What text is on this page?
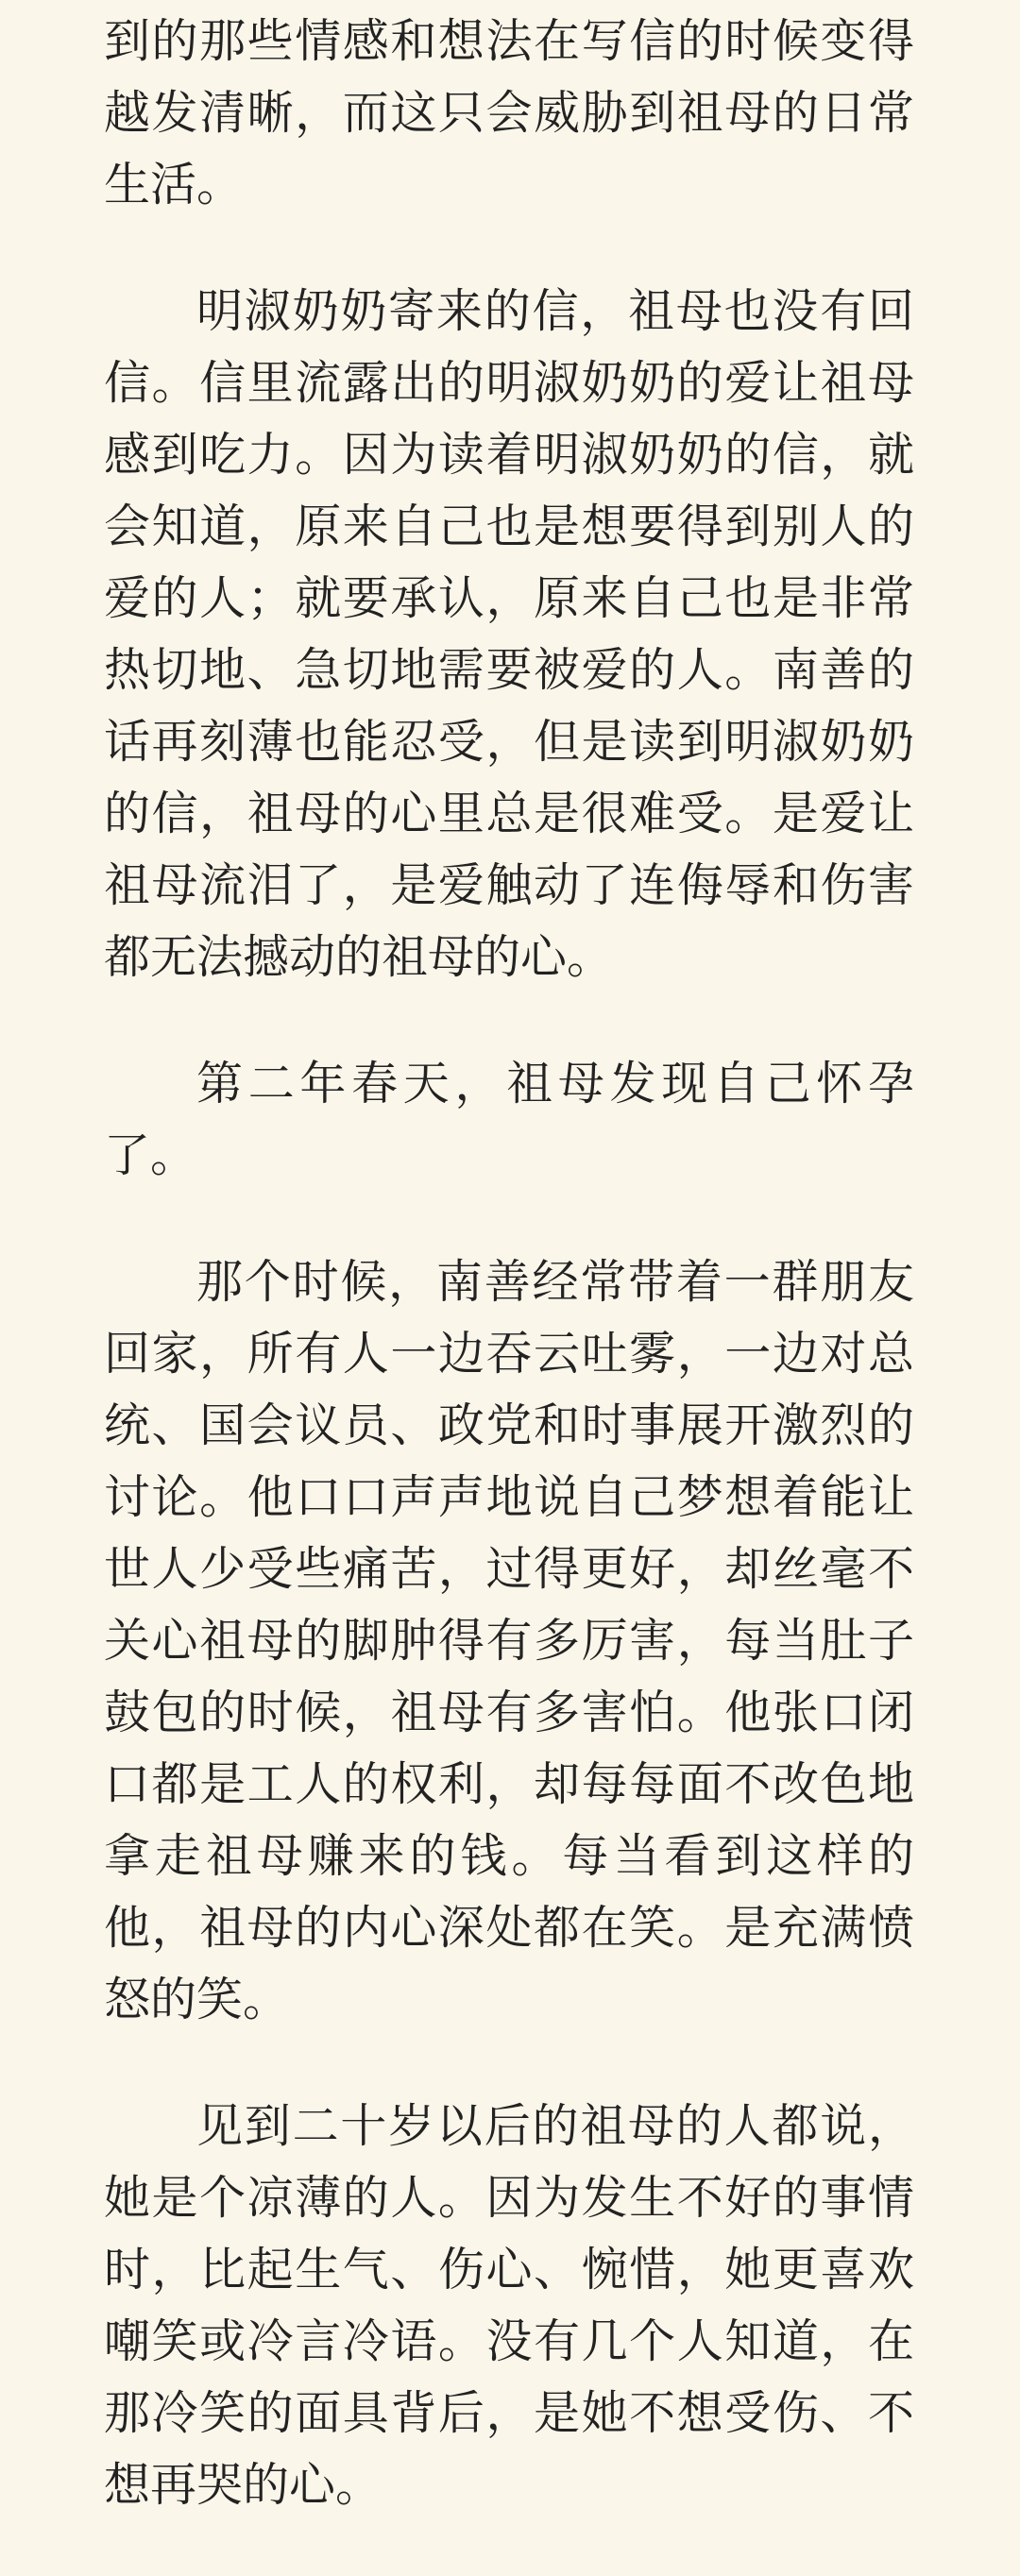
到的那些情感和想法在写信的时候变得越发清晰，而这只会威胁到祖母的日常生活。

明淑奶奶寄来的信，祖母也没有回信。信里流露出的明淑奶奶的爱让祖母感到吃力。因为读着明淑奶奶的信，就会知道，原来自己也是想要得到别人的爱的人；就要承认，原来自己也是非常热切地、急切地需要被爱的人。南善的话再刻薄也能忍受，但是读到明淑奶奶的信，祖母的心里总是很难受。是爱让祖母流泪了，是爱触动了连侮辱和伤害都无法撼动的祖母的心。

第二年春天，祖母发现自己怀孕了。

那个时候，南善经常带着一群朋友回家，所有人一边吞云吐雾，一边对总统、国会议员、政党和时事展开激烈的讨论。他口口声声地说自己梦想着能让世人少受些痛苦，过得更好，却丝毫不关心祖母的脚肿得有多厉害，每当肚子鼓包的时候，祖母有多害怕。他张口闭口都是工人的权利，却每每面不改色地拿走祖母赚来的钱。每当看到这样的他，祖母的内心深处都在笑。是充满愤怒的笑。

见到二十岁以后的祖母的人都说，她是个凉薄的人。因为发生不好的事情时，比起生气、伤心、惋惜，她更喜欢嘲笑或冷言冷语。没有几个人知道，在那冷笑的面具背后，是她不想受伤、不想再哭的心。
